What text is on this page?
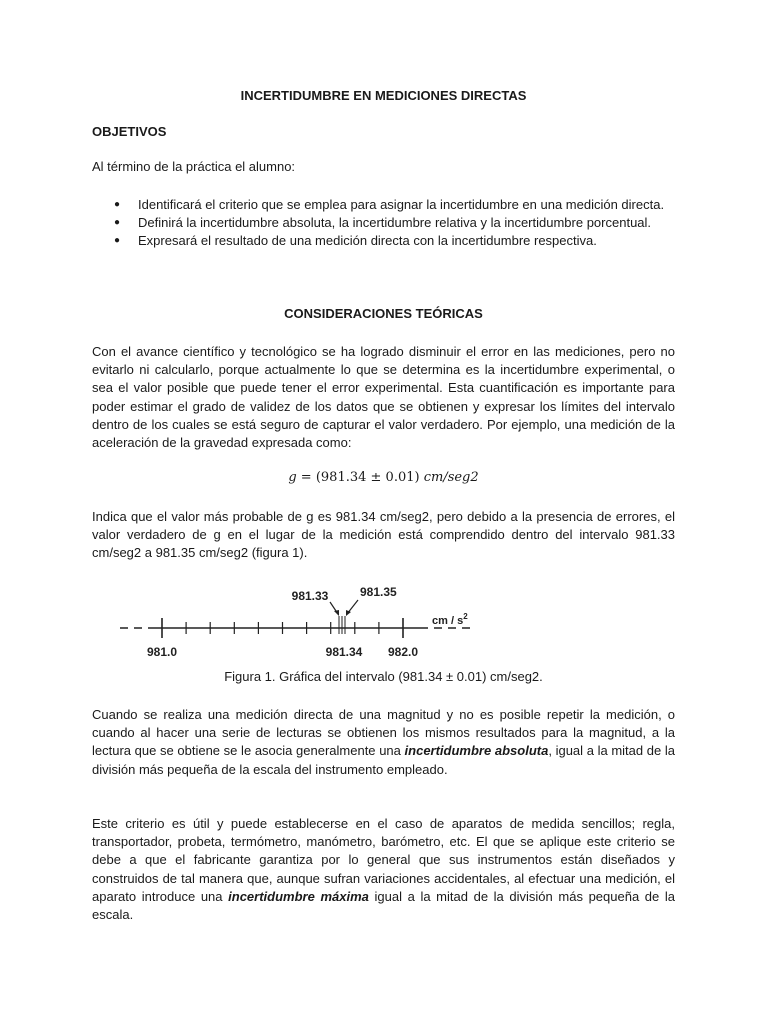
INCERTIDUMBRE EN MEDICIONES DIRECTAS
OBJETIVOS

Al término de la práctica el alumno:

● Identificará el criterio que se emplea para asignar la incertidumbre en una medición directa.
● Definirá la incertidumbre absoluta, la incertidumbre relativa y la incertidumbre porcentual.
● Expresará el resultado de una medición directa con la incertidumbre respectiva.
CONSIDERACIONES TEÓRICAS

Con el avance científico y tecnológico se ha logrado disminuir el error en las mediciones, pero no evitarlo ni calcularlo, porque actualmente lo que se determina es la incertidumbre experimental, o sea el valor posible que puede tener el error experimental. Esta cuantificación es importante para poder estimar el grado de validez de los datos que se obtienen y expresar los límites del intervalo dentro de los cuales se está seguro de capturar el valor verdadero. Por ejemplo, una medición de la aceleración de la gravedad expresada como:

g = (981.34 ± 0.01) cm/seg2

Indica que el valor más probable de g es 981.34 cm/seg2, pero debido a la presencia de errores, el valor verdadero de g en el lugar de la medición está comprendido dentro del intervalo 981.33 cm/seg2 a 981.35 cm/seg2 (figura 1).

Figura 1. Gráfica del intervalo (981.34 ± 0.01) cm/seg2.

Cuando se realiza una medición directa de una magnitud y no es posible repetir la medición, o cuando al hacer una serie de lecturas se obtienen los mismos resultados para la magnitud, a la lectura que se obtiene se le asocia generalmente una incertidumbre absoluta, igual a la mitad de la división más pequeña de la escala del instrumento empleado.

Este criterio es útil y puede establecerse en el caso de aparatos de medida sencillos; regla, transportador, probeta, termómetro, manómetro, barómetro, etc. El que se aplique este criterio se debe a que el fabricante garantiza por lo general que sus instrumentos están diseñados y construidos de tal manera que, aunque sufran variaciones accidentales, al efectuar una medición, el aparato introduce una incertidumbre máxima igual a la mitad de la división más pequeña de la escala.

981.33	981.35
cm / $s^2$
981.0	981.34 982.0
